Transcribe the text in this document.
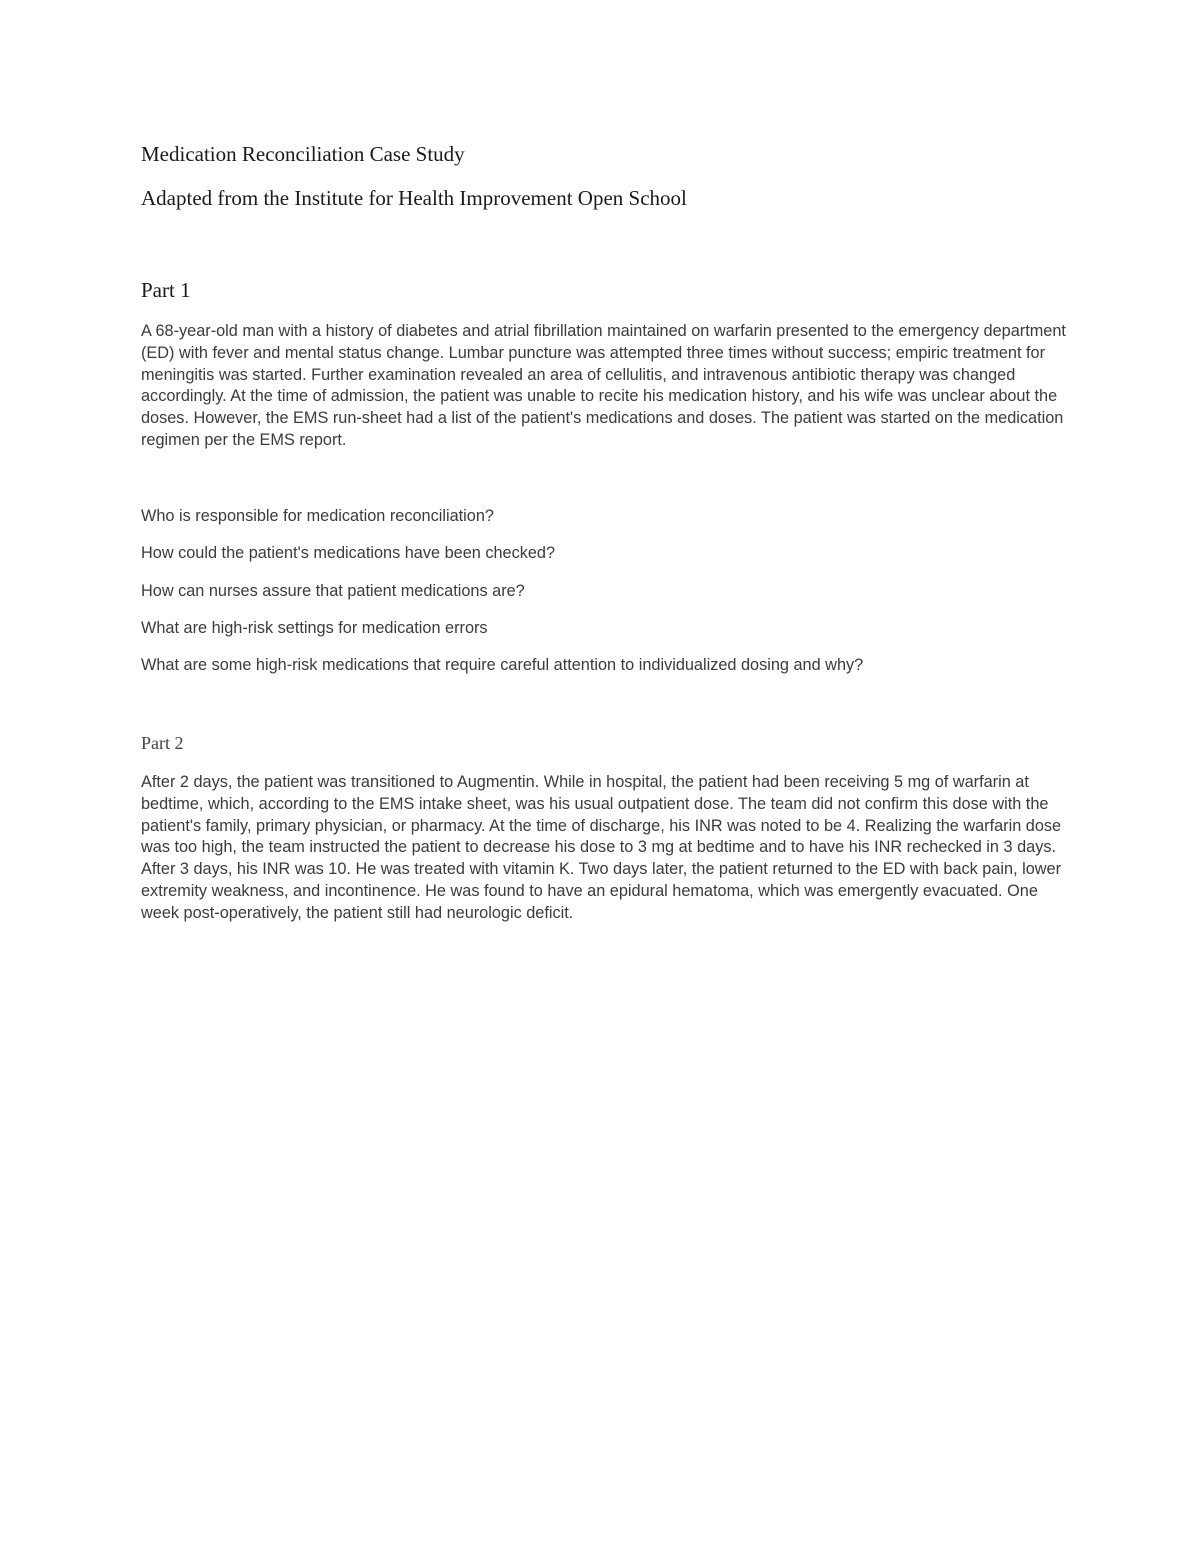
Medication Reconciliation Case Study
Adapted from the Institute for Health Improvement Open School
Part 1

A 68-year-old man with a history of diabetes and atrial fibrillation maintained on warfarin presented to the emergency department (ED) with fever and mental status change. Lumbar puncture was attempted three times without success; empiric treatment for meningitis was started. Further examination revealed an area of cellulitis, and intravenous antibiotic therapy was changed accordingly. At the time of admission, the patient was unable to recite his medication history, and his wife was unclear about the doses. However, the EMS run-sheet had a list of the patient's medications and doses. The patient was started on the medication regimen per the EMS report.

Who is responsible for medication reconciliation?

How could the patient's medications have been checked?

How can nurses assure that patient medications are?

What are high-risk settings for medication errors

What are some high-risk medications that require careful attention to individualized dosing and why?

Part 2

After 2 days, the patient was transitioned to Augmentin. While in hospital, the patient had been receiving 5 mg of warfarin at bedtime, which, according to the EMS intake sheet, was his usual outpatient dose. The team did not confirm this dose with the patient's family, primary physician, or pharmacy. At the time of discharge, his INR was noted to be 4. Realizing the warfarin dose was too high, the team instructed the patient to decrease his dose to 3 mg at bedtime and to have his INR rechecked in 3 days. After 3 days, his INR was 10. He was treated with vitamin K. Two days later, the patient returned to the ED with back pain, lower extremity weakness, and incontinence. He was found to have an epidural hematoma, which was emergently evacuated. One week post-operatively, the patient still had neurologic deficit.
